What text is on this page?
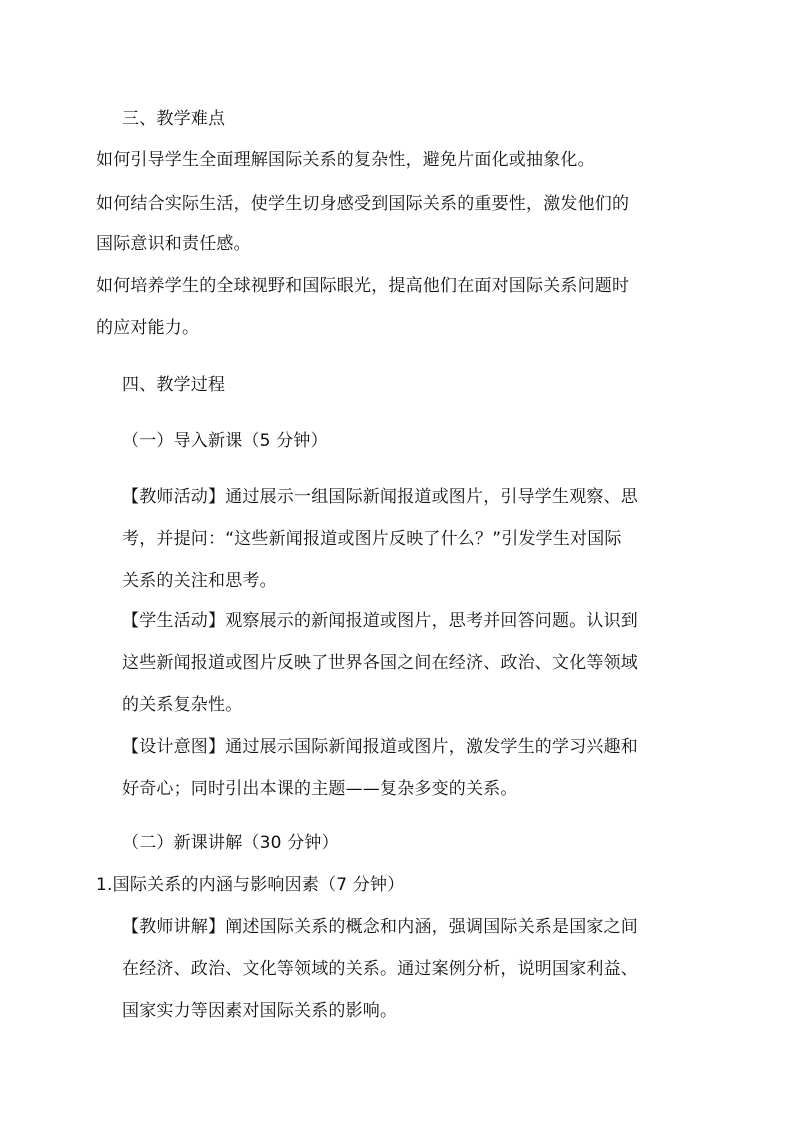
三、教学难点
如何引导学生全面理解国际关系的复杂性，避免片面化或抽象化。
如何结合实际生活，使学生切身感受到国际关系的重要性，激发他们的
国际意识和责任感。
如何培养学生的全球视野和国际眼光，提高他们在面对国际关系问题时
的应对能力。
四、教学过程
（一）导入新课（5 分钟）
【教师活动】通过展示一组国际新闻报道或图片，引导学生观察、思
考，并提问：“这些新闻报道或图片反映了什么？”引发学生对国际
关系的关注和思考。
【学生活动】观察展示的新闻报道或图片，思考并回答问题。认识到
这些新闻报道或图片反映了世界各国之间在经济、政治、文化等领域
的关系复杂性。
【设计意图】通过展示国际新闻报道或图片，激发学生的学习兴趣和
好奇心；同时引出本课的主题——复杂多变的关系。
（二）新课讲解（30 分钟）
1.国际关系的内涵与影响因素（7 分钟）
【教师讲解】阐述国际关系的概念和内涵，强调国际关系是国家之间
在经济、政治、文化等领域的关系。通过案例分析，说明国家利益、
国家实力等因素对国际关系的影响。
